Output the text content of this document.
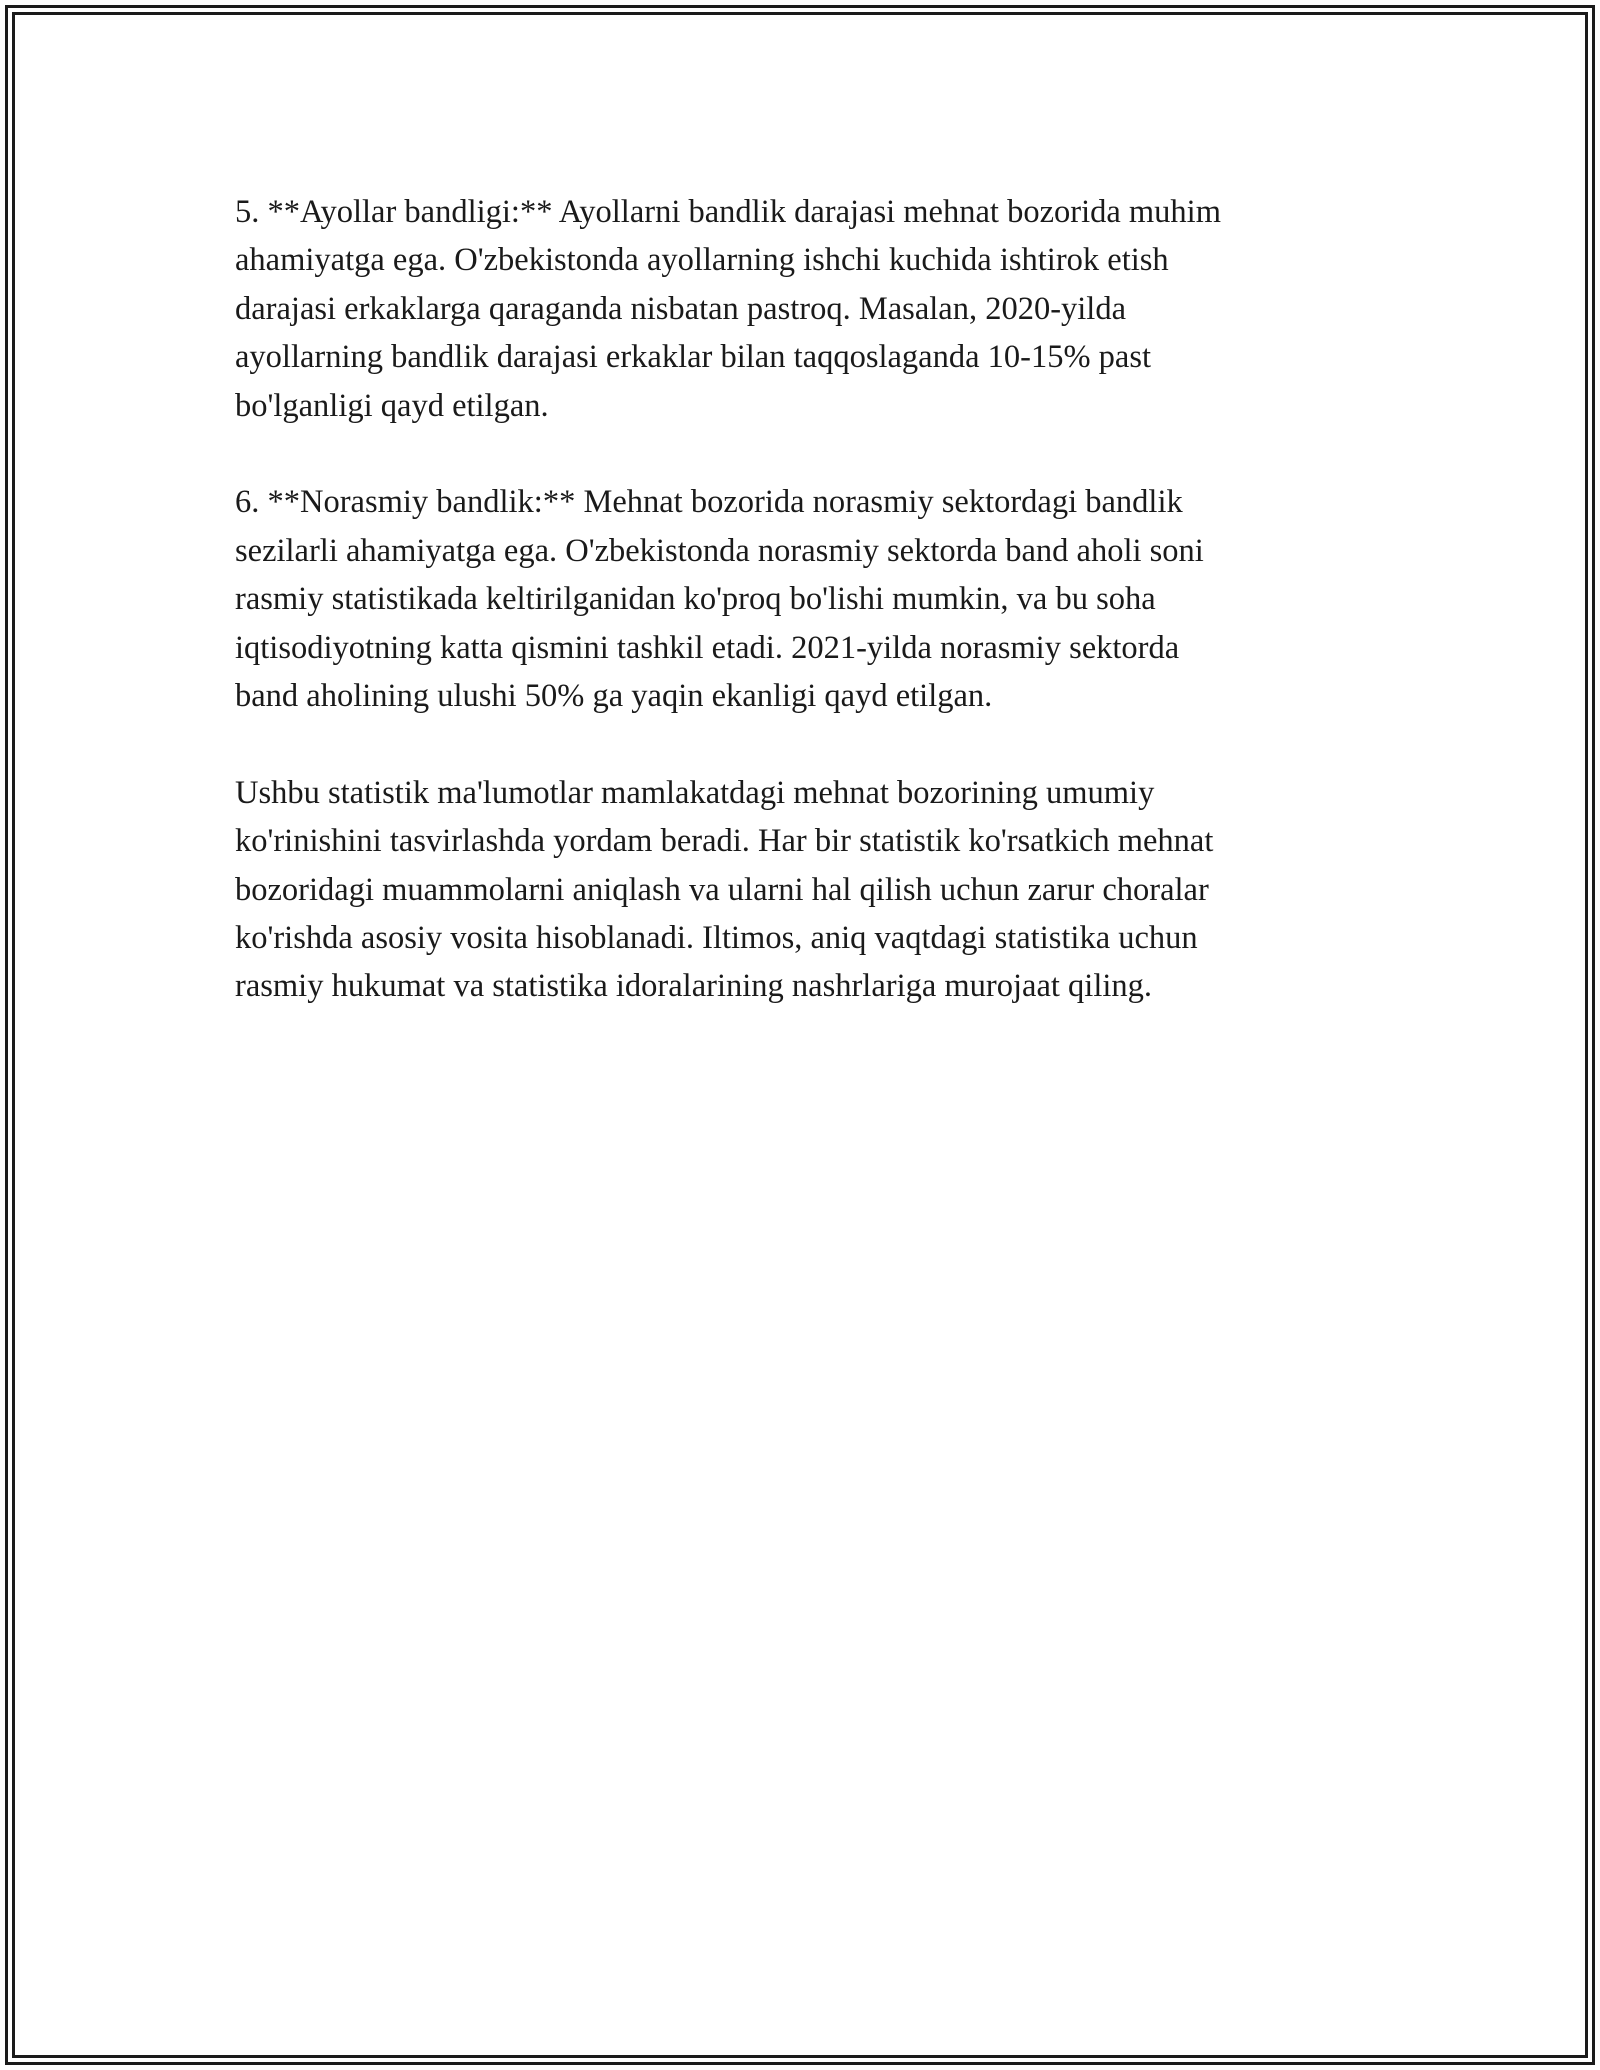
5. **Ayollar bandligi:** Ayollarni bandlik darajasi mehnat bozorida muhim
ahamiyatga ega. O'zbekistonda ayollarning ishchi kuchida ishtirok etish
darajasi erkaklarga qaraganda nisbatan pastroq. Masalan, 2020-yilda
ayollarning bandlik darajasi erkaklar bilan taqqoslaganda 10-15% past
bo'lganligi qayd etilgan.

6. **Norasmiy bandlik:** Mehnat bozorida norasmiy sektordagi bandlik
sezilarli ahamiyatga ega. O'zbekistonda norasmiy sektorda band aholi soni
rasmiy statistikada keltirilganidan ko'proq bo'lishi mumkin, va bu soha
iqtisodiyotning katta qismini tashkil etadi. 2021-yilda norasmiy sektorda
band aholining ulushi 50% ga yaqin ekanligi qayd etilgan.

Ushbu statistik ma'lumotlar mamlakatdagi mehnat bozorining umumiy
ko'rinishini tasvirlashda yordam beradi. Har bir statistik ko'rsatkich mehnat
bozoridagi muammolarni aniqlash va ularni hal qilish uchun zarur choralar
ko'rishda asosiy vosita hisoblanadi. Iltimos, aniq vaqtdagi statistika uchun
rasmiy hukumat va statistika idoralarining nashrlariga murojaat qiling.
